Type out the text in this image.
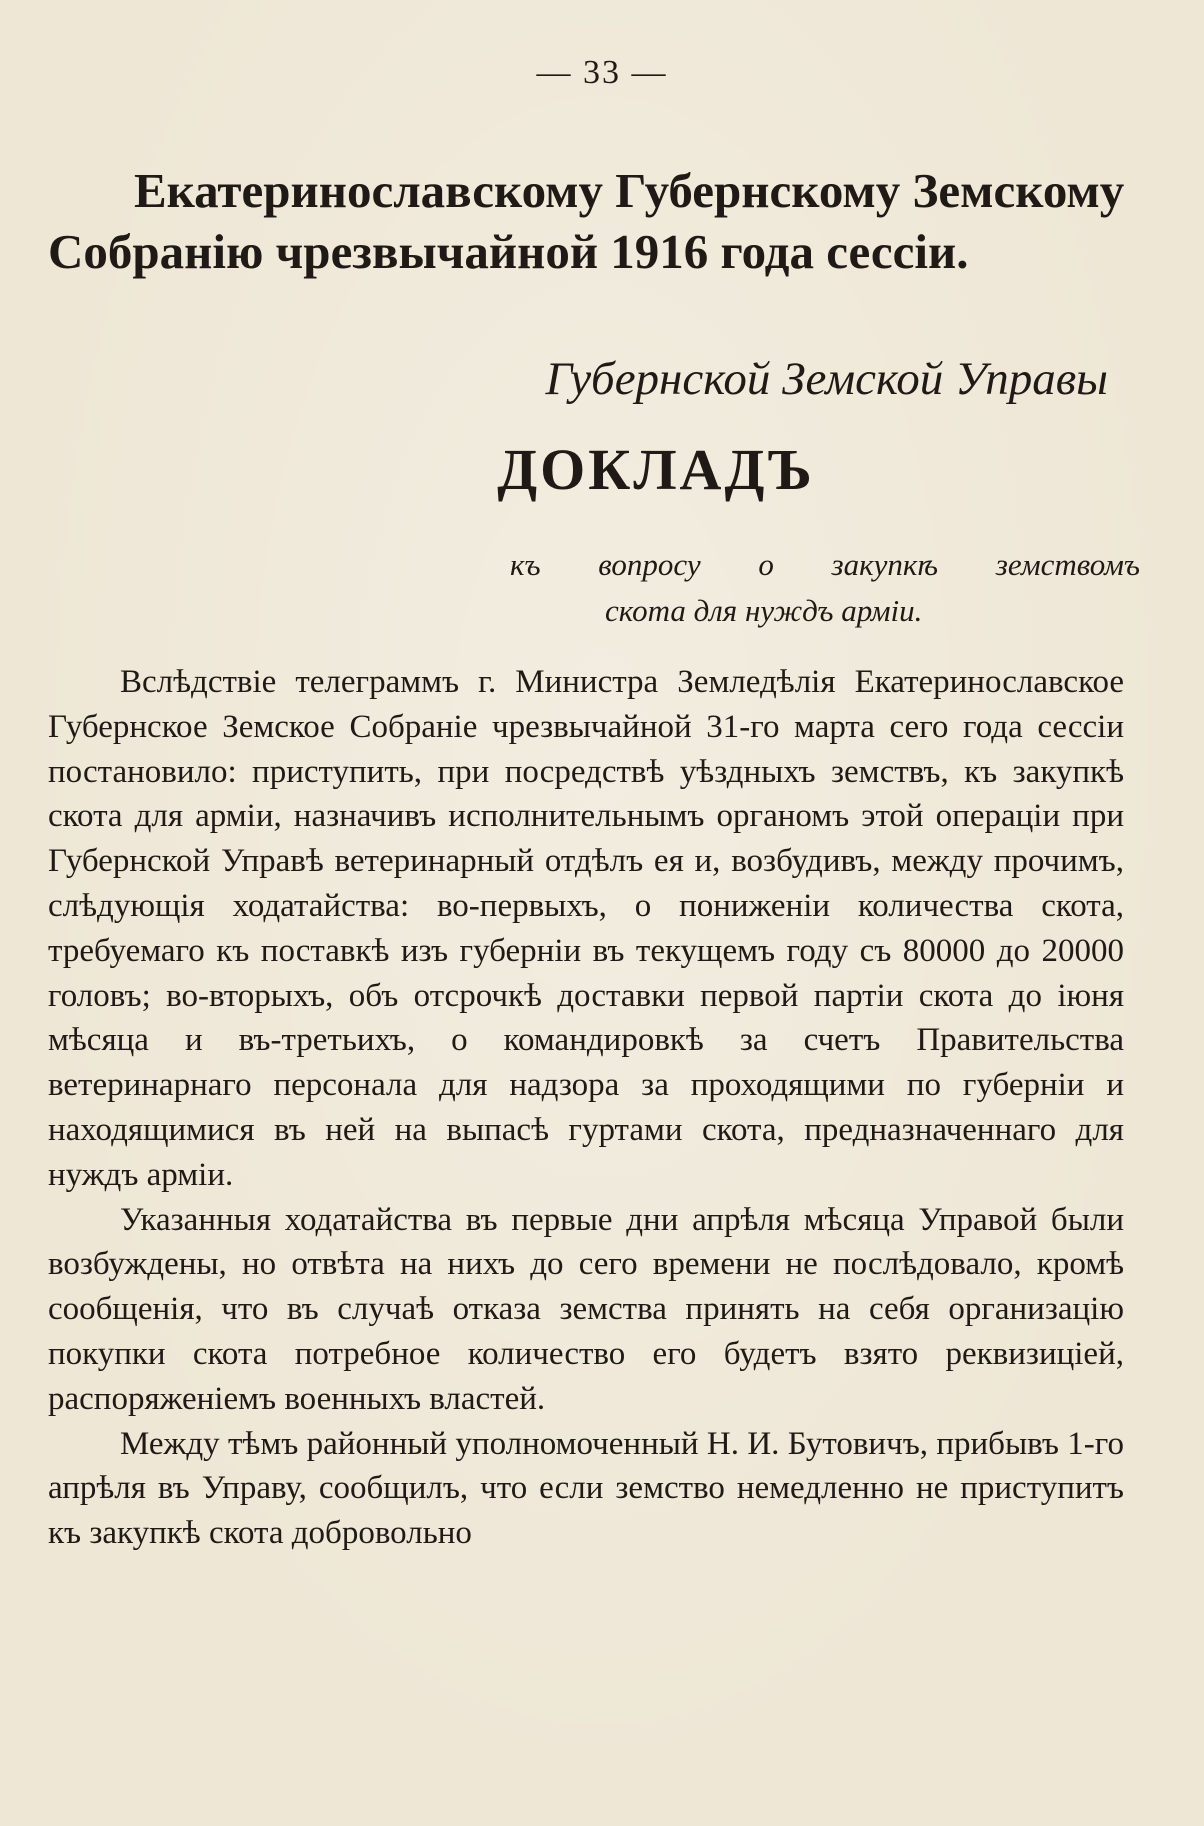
— 33 —
Екатеринославскому Губернскому Земскому
Собранію чрезвычайной 1916 года сессіи.

Губернской Земской Управы

ДОКЛАДЪ

къ вопросу о закупкѣ земствомъ
скота для нуждъ арміи.

Вслѣдствіе телеграммъ г. Министра Земледѣлія Екатеринославское Губернское Земское Собраніе чрезвычайной 31-го марта сего года сессіи постановило: приступить, при посредствѣ уѣздныхъ земствъ, къ закупкѣ скота для арміи, назначивъ исполнительнымъ органомъ этой операціи при Губернской Управѣ ветеринарный отдѣлъ ея и, возбудивъ, между прочимъ, слѣдующія ходатайства: во-первыхъ, о пониженіи количества скота, требуемаго къ поставкѣ изъ губерніи въ текущемъ году съ 80000 до 20000 головъ; во-вторыхъ, объ отсрочкѣ доставки первой партіи скота до іюня мѣсяца и въ-третьихъ, о командировкѣ за счетъ Правительства ветеринарнаго персонала для надзора за проходящими по губерніи и находящимися въ ней на выпасѣ гуртами скота, предназначеннаго для нуждъ арміи.

Указанныя ходатайства въ первые дни апрѣля мѣсяца Управой были возбуждены, но отвѣта на нихъ до сего времени не послѣдовало, кромѣ сообщенія, что въ случаѣ отказа земства принять на себя организацію покупки скота потребное количество его будетъ взято реквизиціей, распоряженіемъ военныхъ властей.

Между тѣмъ районный уполномоченный Н. И. Бутовичъ, прибывъ 1-го апрѣля въ Управу, сообщилъ, что если земство немедленно не приступитъ къ закупкѣ скота добровольно
